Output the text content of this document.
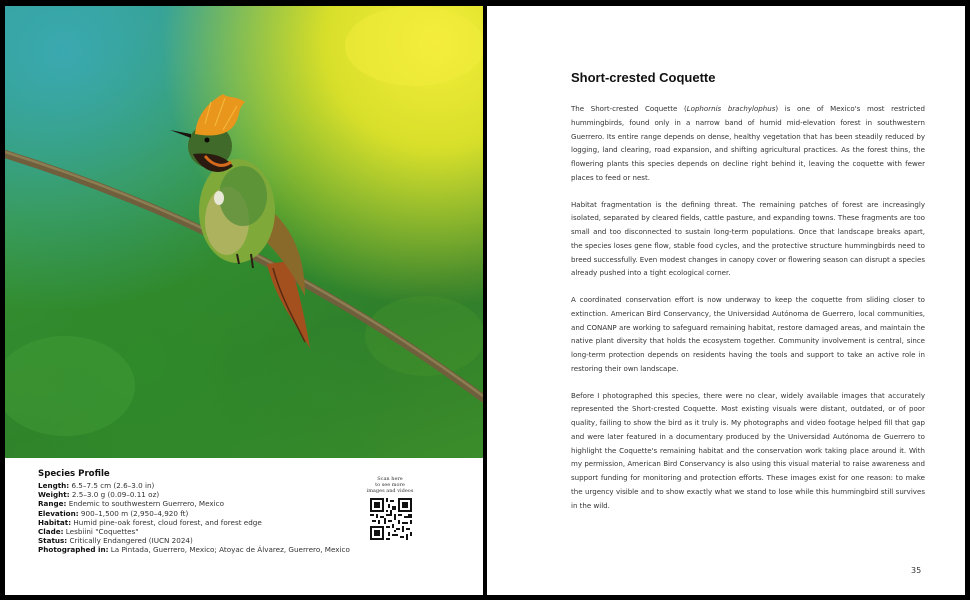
Species Profile
Length: 6.5–7.5 cm (2.6–3.0 in)
Weight: 2.5–3.0 g (0.09–0.11 oz)
Range: Endemic to southwestern Guerrero, Mexico
Elevation: 900–1,500 m (2,950–4,920 ft)
Habitat: Humid pine-oak forest, cloud forest, and forest edge
Clade: Lesbiini "Coquettes"
Status: Critically Endangered (IUCN 2024)
Photographed in: La Pintada, Guerrero, Mexico; Atoyac de Álvarez, Guerrero, Mexico
Scan here
to see more
images and videos
Short-crested Coquette

The Short-crested Coquette (Lophornis brachylophus) is one of Mexico's most restricted hummingbirds, found only in a narrow band of humid mid-elevation forest in southwestern Guerrero. Its entire range depends on dense, healthy vegetation that has been steadily reduced by logging, land clearing, road expansion, and shifting agricultural practices. As the forest thins, the flowering plants this species depends on decline right behind it, leaving the coquette with fewer places to feed or nest.

Habitat fragmentation is the defining threat. The remaining patches of forest are increasingly isolated, separated by cleared fields, cattle pasture, and expanding towns. These fragments are too small and too disconnected to sustain long-term populations. Once that landscape breaks apart, the species loses gene flow, stable food cycles, and the protective structure hummingbirds need to breed successfully. Even modest changes in canopy cover or flowering season can disrupt a species already pushed into a tight ecological corner.

A coordinated conservation effort is now underway to keep the coquette from sliding closer to extinction. American Bird Conservancy, the Universidad Autónoma de Guerrero, local communities, and CONANP are working to safeguard remaining habitat, restore damaged areas, and maintain the native plant diversity that holds the ecosystem together. Community involvement is central, since long-term protection depends on residents having the tools and support to take an active role in restoring their own landscape.

Before I photographed this species, there were no clear, widely available images that accurately represented the Short-crested Coquette. Most existing visuals were distant, outdated, or of poor quality, failing to show the bird as it truly is. My photographs and video footage helped fill that gap and were later featured in a documentary produced by the Universidad Autónoma de Guerrero to highlight the Coquette's remaining habitat and the conservation work taking place around it. With my permission, American Bird Conservancy is also using this visual material to raise awareness and support funding for monitoring and protection efforts. These images exist for one reason: to make the urgency visible and to show exactly what we stand to lose while this hummingbird still survives in the wild.

35
